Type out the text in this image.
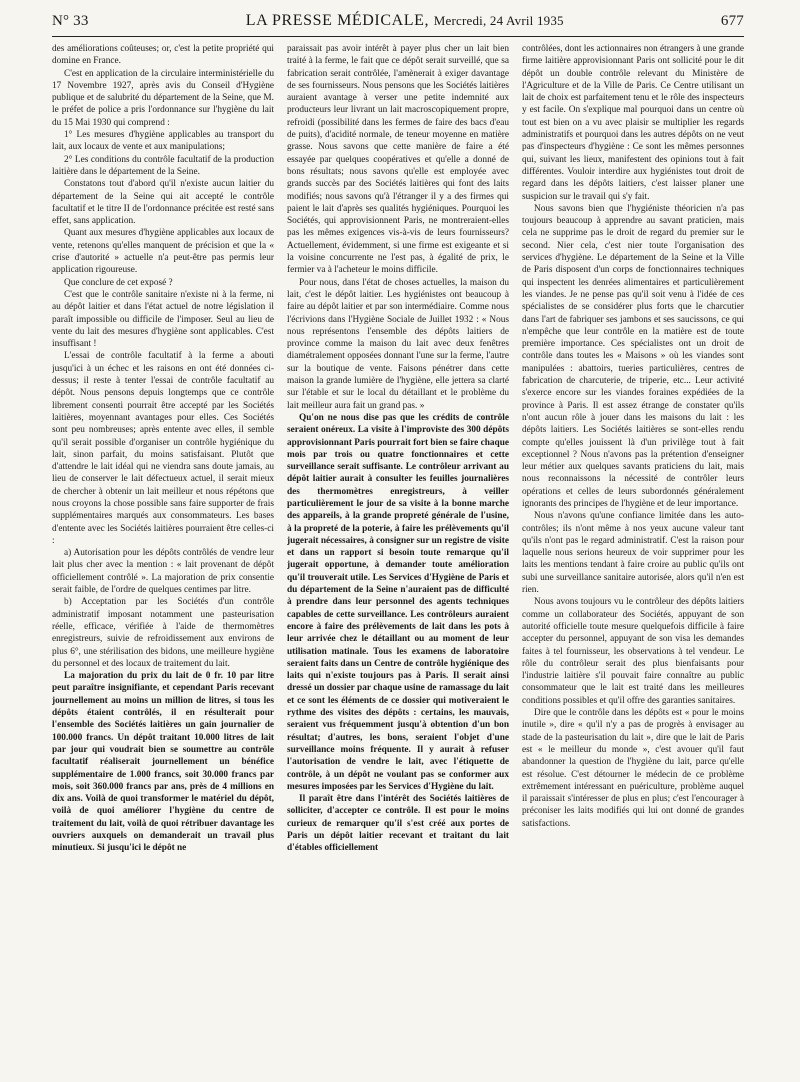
N° 33	LA PRESSE MÉDICALE, Mercredi, 24 Avril 1935	677

des améliorations coûteuses; or, c'est la petite propriété qui domine en France.

C'est en application de la circulaire interministérielle du 17 Novembre 1927, après avis du Conseil d'Hygiène publique et de salubrité du département de la Seine, que M. le préfet de police a pris l'ordonnance sur l'hygiène du lait du 15 Mai 1930 qui comprend :

1° Les mesures d'hygiène applicables au transport du lait, aux locaux de vente et aux manipulations;

2° Les conditions du contrôle facultatif de la production laitière dans le département de la Seine.

Constatons tout d'abord qu'il n'existe aucun laitier du département de la Seine qui ait accepté le contrôle facultatif et le titre II de l'ordonnance précitée est resté sans effet, sans application.

Quant aux mesures d'hygiène applicables aux locaux de vente, retenons qu'elles manquent de précision et que la « crise d'autorité » actuelle n'a peut-être pas permis leur application rigoureuse.

Que conclure de cet exposé ?

C'est que le contrôle sanitaire n'existe ni à la ferme, ni au dépôt laitier et dans l'état actuel de notre législation il paraît impossible ou difficile de l'imposer. Seul au lieu de vente du lait des mesures d'hygiène sont applicables. C'est insuffisant !

L'essai de contrôle facultatif à la ferme a abouti jusqu'ici à un échec et les raisons en ont été données ci-dessus; il reste à tenter l'essai de contrôle facultatif au dépôt. Nous pensons depuis longtemps que ce contrôle librement consenti pourrait être accepté par les Sociétés laitières, moyennant avantages pour elles. Ces Sociétés sont peu nombreuses; après entente avec elles, il semble qu'il serait possible d'organiser un contrôle hygiénique du lait, sinon parfait, du moins satisfaisant. Plutôt que d'attendre le lait idéal qui ne viendra sans doute jamais, au lieu de conserver le lait défectueux actuel, il serait mieux de chercher à obtenir un lait meilleur et nous répétons que nous croyons la chose possible sans faire supporter de frais supplémentaires marqués aux consommateurs. Les bases d'entente avec les Sociétés laitières pourraient être celles-ci :

a) Autorisation pour les dépôts contrôlés de vendre leur lait plus cher avec la mention : « lait provenant de dépôt officiellement contrôlé ». La majoration de prix consentie serait faible, de l'ordre de quelques centimes par litre.

b) Acceptation par les Sociétés d'un contrôle administratif imposant notamment une pasteurisation réelle, efficace, vérifiée à l'aide de thermomètres enregistreurs, suivie de refroidissement aux environs de plus 6°, une stérilisation des bidons, une meilleure hygiène du personnel et des locaux de traitement du lait.

La majoration du prix du lait de 0 fr. 10 par litre peut paraître insignifiante, et cependant Paris recevant journellement au moins un million de litres, si tous les dépôts étaient contrôlés, il en résulterait pour l'ensemble des Sociétés laitières un gain journalier de 100.000 francs. Un dépôt traitant 10.000 litres de lait par jour qui voudrait bien se soumettre au contrôle facultatif réaliserait journellement un bénéfice supplémentaire de 1.000 francs, soit 30.000 francs par mois, soit 360.000 francs par ans, près de 4 millions en dix ans. Voilà de quoi transformer le matériel du dépôt, voilà de quoi améliorer l'hygiène du centre de traitement du lait, voilà de quoi rétribuer davantage les ouvriers auxquels on demanderait un travail plus minutieux. Si jusqu'ici le dépôt ne

paraissait pas avoir intérêt à payer plus cher un lait bien traité à la ferme, le fait que ce dépôt serait surveillé, que sa fabrication serait contrôlée, l'amènerait à exiger davantage de ses fournisseurs. Nous pensons que les Sociétés laitières auraient avantage à verser une petite indemnité aux producteurs leur livrant un lait macroscopiquement propre, refroidi (possibilité dans les fermes de faire des bacs d'eau de puits), d'acidité normale, de teneur moyenne en matière grasse. Nous savons que cette manière de faire a été essayée par quelques coopératives et qu'elle a donné de bons résultats; nous savons qu'elle est employée avec grands succès par des Sociétés laitières qui font des laits modifiés; nous savons qu'à l'étranger il y a des firmes qui paient le lait d'après ses qualités hygiéniques. Pourquoi les Sociétés, qui approvisionnent Paris, ne montreraient-elles pas les mêmes exigences vis-à-vis de leurs fournisseurs? Actuellement, évidemment, si une firme est exigeante et si la voisine concurrente ne l'est pas, à égalité de prix, le fermier va à l'acheteur le moins difficile.

Pour nous, dans l'état de choses actuelles, la maison du lait, c'est le dépôt laitier. Les hygiénistes ont beaucoup à faire au dépôt laitier et par son intermédiaire. Comme nous l'écrivions dans l'Hygiène Sociale de Juillet 1932 : « Nous nous représentons l'ensemble des dépôts laitiers de province comme la maison du lait avec deux fenêtres diamétralement opposées donnant l'une sur la ferme, l'autre sur la boutique de vente. Faisons pénétrer dans cette maison la grande lumière de l'hygiène, elle jettera sa clarté sur l'étable et sur le local du détaillant et le problème du lait meilleur aura fait un grand pas. »

Qu'on ne nous dise pas que les crédits de contrôle seraient onéreux. La visite à l'improviste des 300 dépôts approvisionnant Paris pourrait fort bien se faire chaque mois par trois ou quatre fonctionnaires et cette surveillance serait suffisante. Le contrôleur arrivant au dépôt laitier aurait à consulter les feuilles journalières des thermomètres enregistreurs, à veiller particulièrement le jour de sa visite à la bonne marche des appareils, à la grande propreté générale de l'usine, à la propreté de la poterie, à faire les prélèvements qu'il jugerait nécessaires, à consigner sur un registre de visite et dans un rapport si besoin toute remarque qu'il jugerait opportune, à demander toute amélioration qu'il trouverait utile. Les Services d'Hygiène de Paris et du département de la Seine n'auraient pas de difficulté à prendre dans leur personnel des agents techniques capables de cette surveillance. Les contrôleurs auraient encore à faire des prélèvements de lait dans les pots à leur arrivée chez le détaillant ou au moment de leur utilisation matinale. Tous les examens de laboratoire seraient faits dans un Centre de contrôle hygiénique des laits qui n'existe toujours pas à Paris. Il serait ainsi dressé un dossier par chaque usine de ramassage du lait et ce sont les éléments de ce dossier qui motiveraient le rythme des visites des dépôts : certains, les mauvais, seraient vus fréquemment jusqu'à obtention d'un bon résultat; d'autres, les bons, seraient l'objet d'une surveillance moins fréquente. Il y aurait à refuser l'autorisation de vendre le lait, avec l'étiquette de contrôle, à un dépôt ne voulant pas se conformer aux mesures imposées par les Services d'Hygiène du lait.

Il paraît être dans l'intérêt des Sociétés laitières de solliciter, d'accepter ce contrôle. Il est pour le moins curieux de remarquer qu'il s'est créé aux portes de Paris un dépôt laitier recevant et traitant du lait d'étables officiellement

contrôlées, dont les actionnaires non étrangers à une grande firme laitière approvisionnant Paris ont sollicité pour le dit dépôt un double contrôle relevant du Ministère de l'Agriculture et de la Ville de Paris. Ce Centre utilisant un lait de choix est parfaitement tenu et le rôle des inspecteurs y est facile. On s'explique mal pourquoi dans un centre où tout est bien on a vu avec plaisir se multiplier les regards administratifs et pourquoi dans les autres dépôts on ne veut pas d'inspecteurs d'hygiène : Ce sont les mêmes personnes qui, suivant les lieux, manifestent des opinions tout à fait différentes. Vouloir interdire aux hygiénistes tout droit de regard dans les dépôts laitiers, c'est laisser planer une suspicion sur le travail qui s'y fait.

Nous savons bien que l'hygiéniste théoricien n'a pas toujours beaucoup à apprendre au savant praticien, mais cela ne supprime pas le droit de regard du premier sur le second. Nier cela, c'est nier toute l'organisation des services d'hygiène. Le département de la Seine et la Ville de Paris disposent d'un corps de fonctionnaires techniques qui inspectent les denrées alimentaires et particulièrement les viandes. Je ne pense pas qu'il soit venu à l'idée de ces spécialistes de se considérer plus forts que le charcutier dans l'art de fabriquer ses jambons et ses saucissons, ce qui n'empêche que leur contrôle en la matière est de toute première importance. Ces spécialistes ont un droit de contrôle dans toutes les « Maisons » où les viandes sont manipulées : abattoirs, tueries particulières, centres de fabrication de charcuterie, de triperie, etc... Leur activité s'exerce encore sur les viandes foraines expédiées de la province à Paris. Il est assez étrange de constater qu'ils n'ont aucun rôle à jouer dans les maisons du lait : les dépôts laitiers. Les Sociétés laitières se sont-elles rendu compte qu'elles jouissent là d'un privilège tout à fait exceptionnel ? Nous n'avons pas la prétention d'enseigner leur métier aux quelques savants praticiens du lait, mais nous reconnaissons la nécessité de contrôler leurs opérations et celles de leurs subordonnés généralement ignorants des principes de l'hygiène et de leur importance.

Nous n'avons qu'une confiance limitée dans les auto-contrôles; ils n'ont même à nos yeux aucune valeur tant qu'ils n'ont pas le regard administratif. C'est la raison pour laquelle nous serions heureux de voir supprimer pour les laits les mentions tendant à faire croire au public qu'ils ont subi une surveillance sanitaire autorisée, alors qu'il n'en est rien.

Nous avons toujours vu le contrôleur des dépôts laitiers comme un collaborateur des Sociétés, appuyant de son autorité officielle toute mesure quelquefois difficile à faire accepter du personnel, appuyant de son visa les demandes faites à tel fournisseur, les observations à tel vendeur. Le rôle du contrôleur serait des plus bienfaisants pour l'industrie laitière s'il pouvait faire connaître au public consommateur que le lait est traité dans les meilleures conditions possibles et qu'il offre des garanties sanitaires.

Dire que le contrôle dans les dépôts est « pour le moins inutile », dire « qu'il n'y a pas de progrès à envisager au stade de la pasteurisation du lait », dire que le lait de Paris est « le meilleur du monde », c'est avouer qu'il faut abandonner la question de l'hygiène du lait, parce qu'elle est résolue. C'est détourner le médecin de ce problème extrêmement intéressant en puériculture, problème auquel il paraissait s'intéresser de plus en plus; c'est l'encourager à préconiser les laits modifiés qui lui ont donné de grandes satisfactions.
